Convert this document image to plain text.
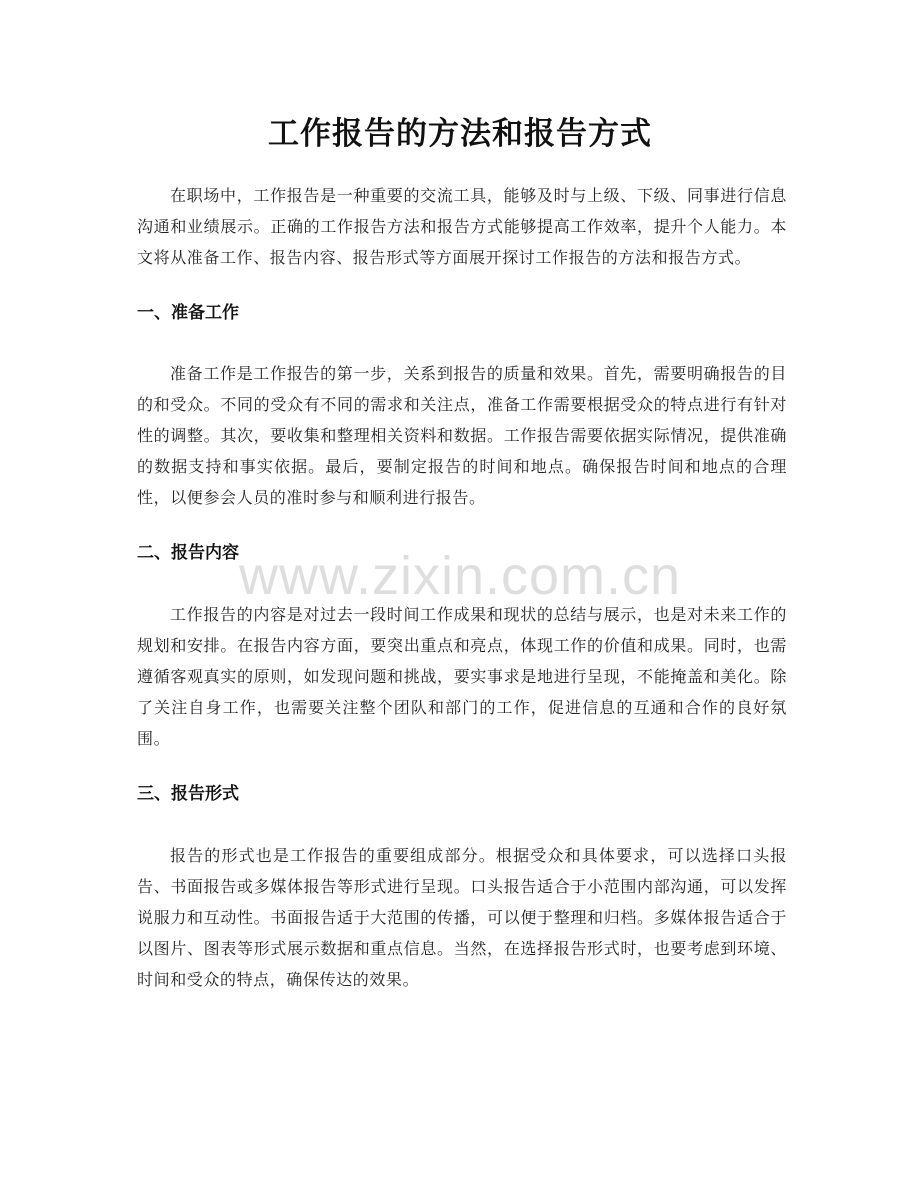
工作报告的方法和报告方式

在职场中，工作报告是一种重要的交流工具，能够及时与上级、下级、同事进行信息沟通和业绩展示。正确的工作报告方法和报告方式能够提高工作效率，提升个人能力。本文将从准备工作、报告内容、报告形式等方面展开探讨工作报告的方法和报告方式。

一、准备工作

准备工作是工作报告的第一步，关系到报告的质量和效果。首先，需要明确报告的目的和受众。不同的受众有不同的需求和关注点，准备工作需要根据受众的特点进行有针对性的调整。其次，要收集和整理相关资料和数据。工作报告需要依据实际情况，提供准确的数据支持和事实依据。最后，要制定报告的时间和地点。确保报告时间和地点的合理性，以便参会人员的准时参与和顺利进行报告。

二、报告内容

工作报告的内容是对过去一段时间工作成果和现状的总结与展示，也是对未来工作的规划和安排。在报告内容方面，要突出重点和亮点，体现工作的价值和成果。同时，也需遵循客观真实的原则，如发现问题和挑战，要实事求是地进行呈现，不能掩盖和美化。除了关注自身工作，也需要关注整个团队和部门的工作，促进信息的互通和合作的良好氛围。

三、报告形式

报告的形式也是工作报告的重要组成部分。根据受众和具体要求，可以选择口头报告、书面报告或多媒体报告等形式进行呈现。口头报告适合于小范围内部沟通，可以发挥说服力和互动性。书面报告适于大范围的传播，可以便于整理和归档。多媒体报告适合于以图片、图表等形式展示数据和重点信息。当然，在选择报告形式时，也要考虑到环境、时间和受众的特点，确保传达的效果。

www.zixin.com.cn
